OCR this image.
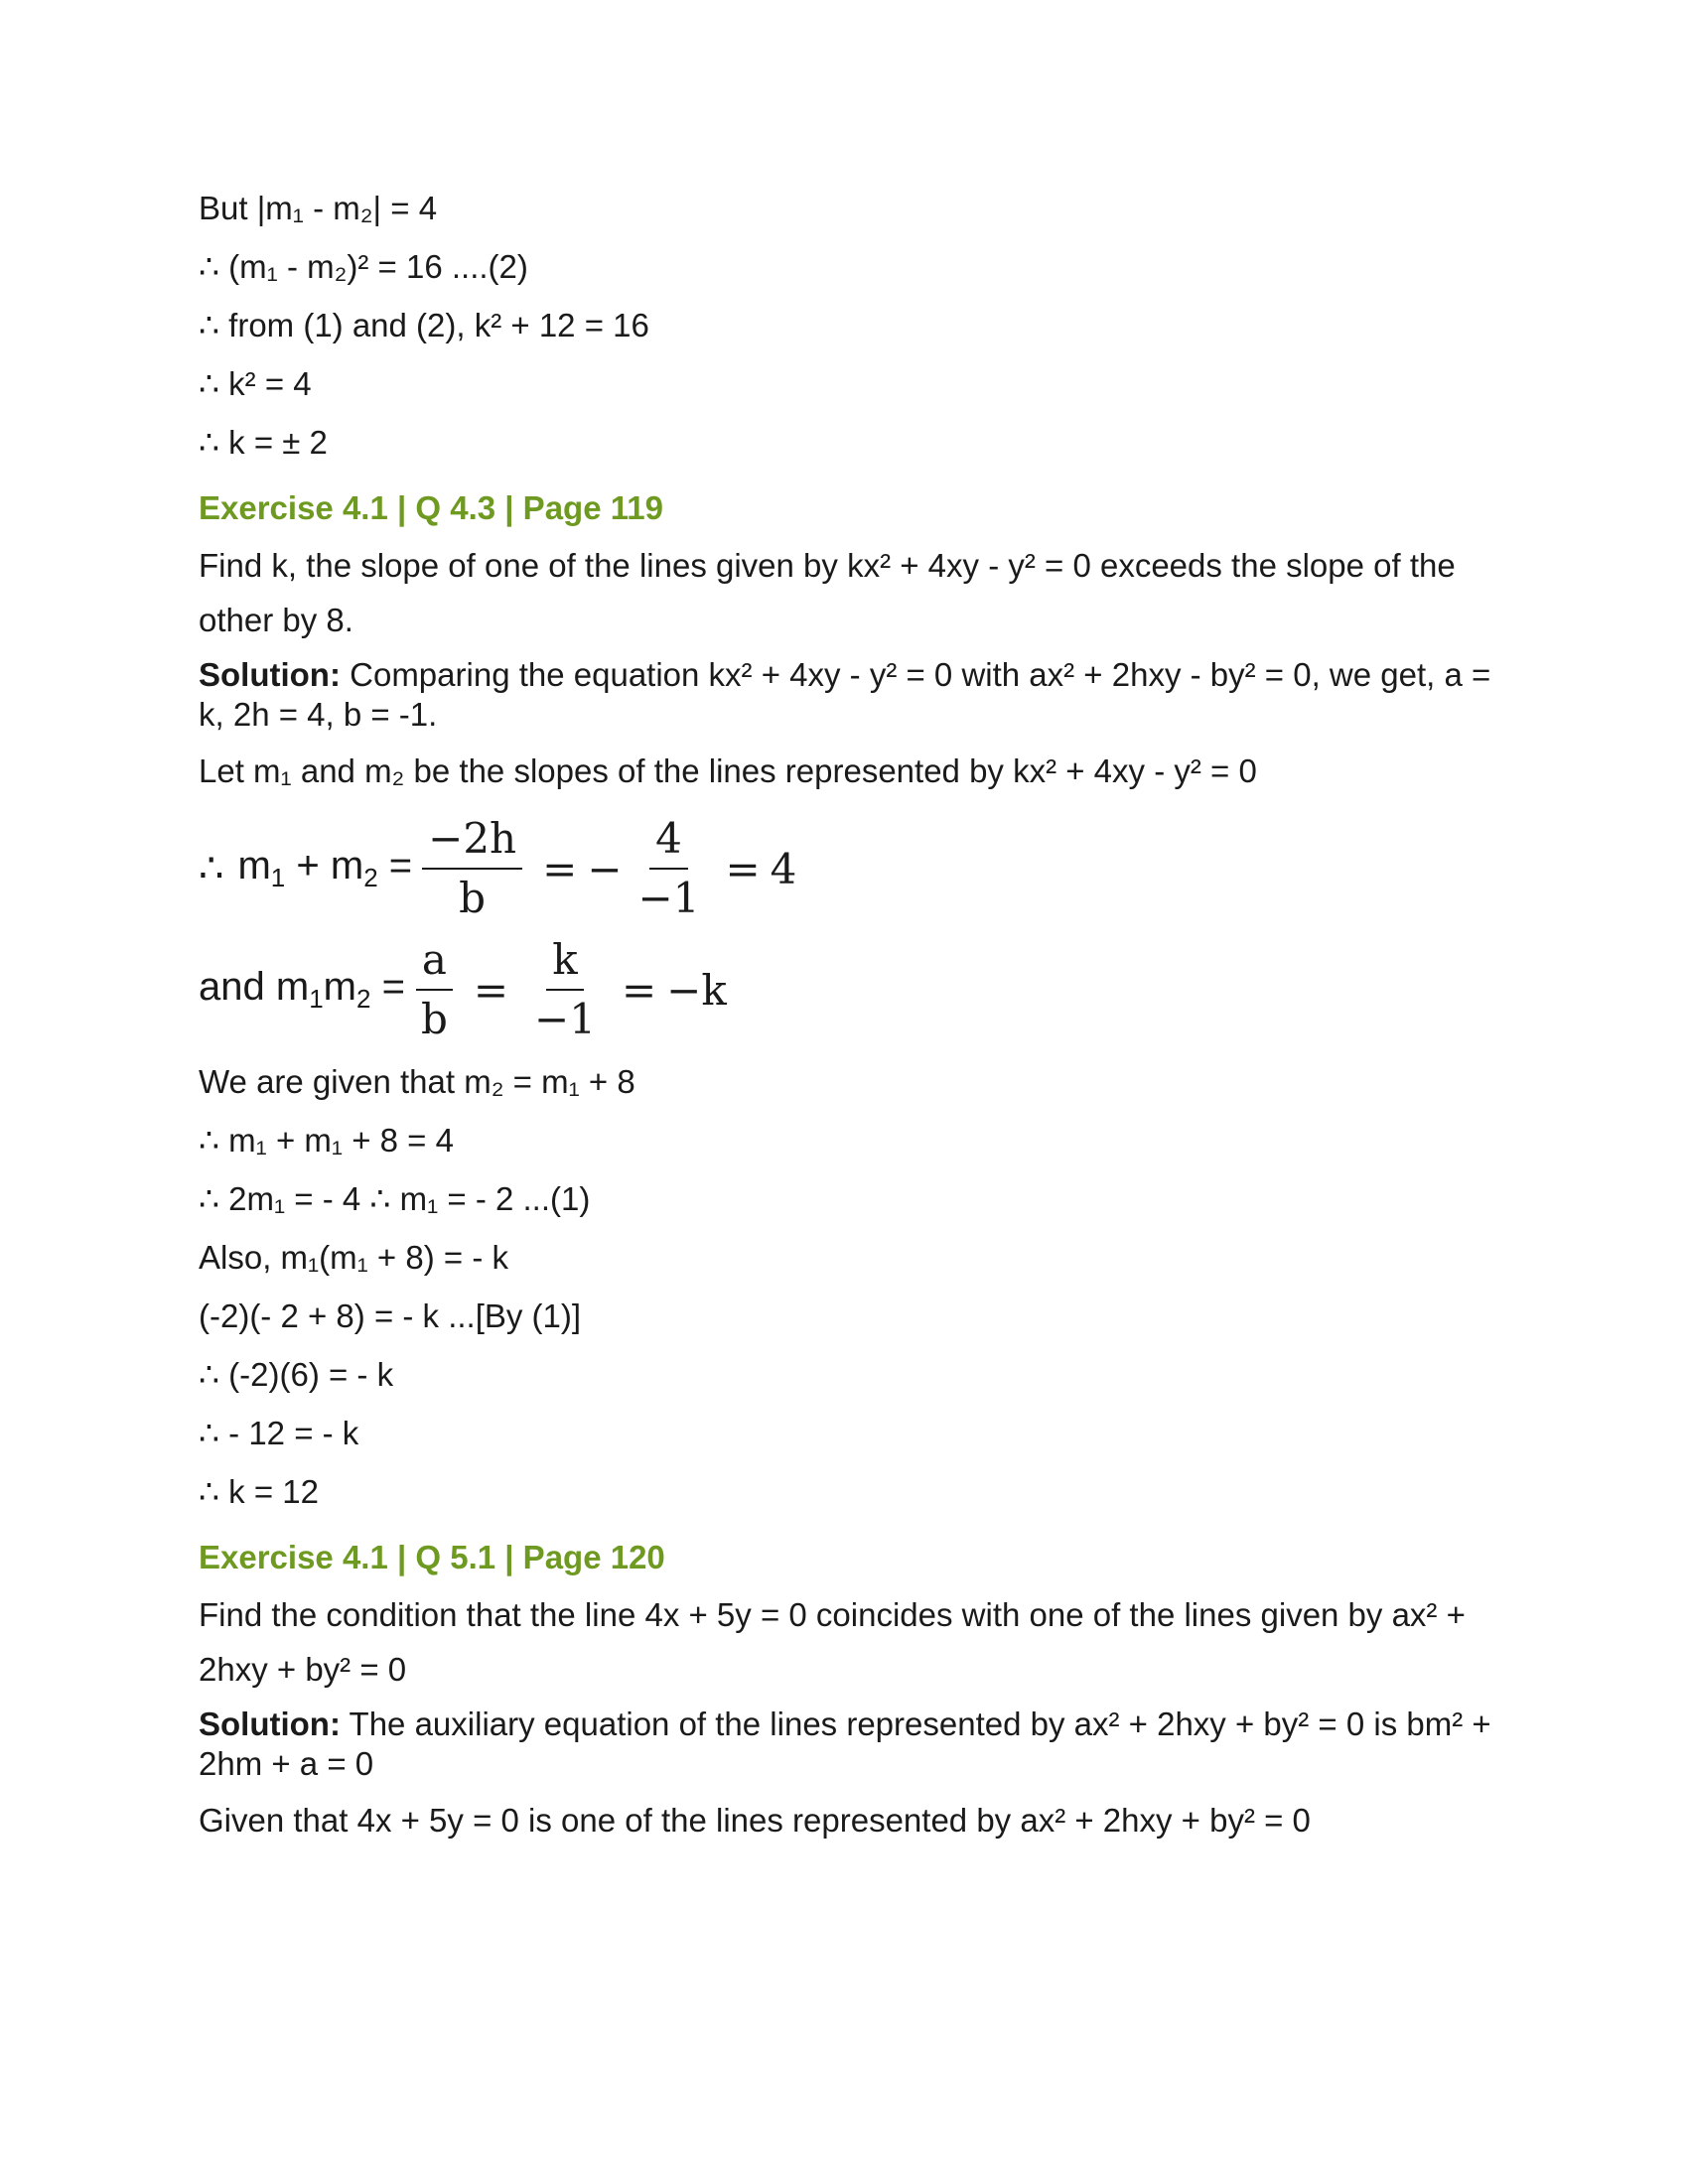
But |m₁ - m₂| = 4
∴ (m₁ - m₂)² = 16 ....(2)
∴ from (1) and (2), k² + 12 = 16
∴ k² = 4
∴ k = ± 2
Exercise 4.1 | Q 4.3 | Page 119
Find k, the slope of one of the lines given by kx² + 4xy - y² = 0 exceeds the slope of the other by 8.
Solution: Comparing the equation kx² + 4xy - y² = 0 with ax² + 2hxy - by² = 0, we get, a = k, 2h = 4, b = -1.
Let m₁ and m₂ be the slopes of the lines represented by kx² + 4xy - y² = 0
∴ $m1 + m2 = \frac{-2h}{b}$ = − $\frac{4}{-1} = 4$
and $m1m2 = \frac{a}{b} = \frac{k}{-1} = -k$
We are given that m₂ = m₁ + 8
∴ m₁ + m₁ + 8 = 4
∴ 2m₁ = - 4 ∴ m₁ = - 2 ...(1)
Also, m₁(m₁ + 8) = - k
(-2)(- 2 + 8) = - k ...[By (1)]
∴ (-2)(6) = - k
∴ - 12 = - k
∴ k = 12
Exercise 4.1 | Q 5.1 | Page 120
Find the condition that the line 4x + 5y = 0 coincides with one of the lines given by ax² + 2hxy + by² = 0
Solution: The auxiliary equation of the lines represented by ax² + 2hxy + by² = 0 is bm² + 2hm + a = 0
Given that 4x + 5y = 0 is one of the lines represented by ax² + 2hxy + by² = 0
